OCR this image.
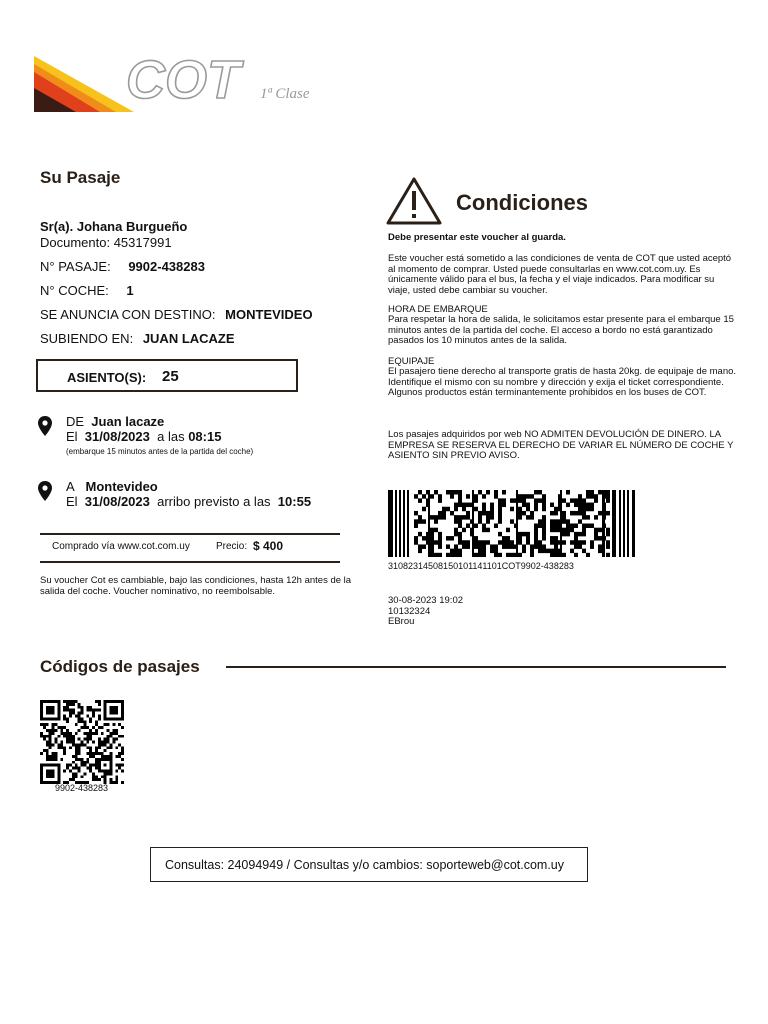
COT 1ª Clase
Su Pasaje
Sr(a). Johana Burgueño
Documento: 45317991
N° PASAJE: 9902-438283
N° COCHE: 1
SE ANUNCIA CON DESTINO: MONTEVIDEO
SUBIENDO EN: JUAN LACAZE
ASIENTO(S): 25
DE Juan lacaze
El 31/08/2023 a las 08:15
(embarque 15 minutos antes de la partida del coche)
A Montevideo
El 31/08/2023 arribo previsto a las 10:55
Comprado vía www.cot.com.uy	Precio: $ 400
Su voucher Cot es cambiable, bajo las condiciones, hasta 12h antes de la salida del coche. Voucher nominativo, no reembolsable.
Condiciones
Debe presentar este voucher al guarda.
Este voucher está sometido a las condiciones de venta de COT que usted aceptó al momento de comprar. Usted puede consultarlas en www.cot.com.uy. Es únicamente válido para el bus, la fecha y el viaje indicados. Para modificar su viaje, usted debe cambiar su voucher.
HORA DE EMBARQUE
Para respetar la hora de salida, le solicitamos estar presente para el embarque 15 minutos antes de la partida del coche. El acceso a bordo no está garantizado pasados los 10 minutos antes de la salida.
EQUIPAJE
El pasajero tiene derecho al transporte gratis de hasta 20kg. de equipaje de mano. Identifique el mismo con su nombre y dirección y exija el ticket correspondiente. Algunos productos están terminantemente prohibidos en los buses de COT.
Los pasajes adquiridos por web NO ADMITEN DEVOLUCIÓN DE DINERO. LA EMPRESA SE RESERVA EL DERECHO DE VARIAR EL NÚMERO DE COCHE Y ASIENTO SIN PREVIO AVISO.
31082314508150101141101COT9902-438283
30-08-2023 19:02
10132324
EBrou
Códigos de pasajes
9902-438283
Consultas: 24094949 / Consultas y/o cambios: soporteweb@cot.com.uy
